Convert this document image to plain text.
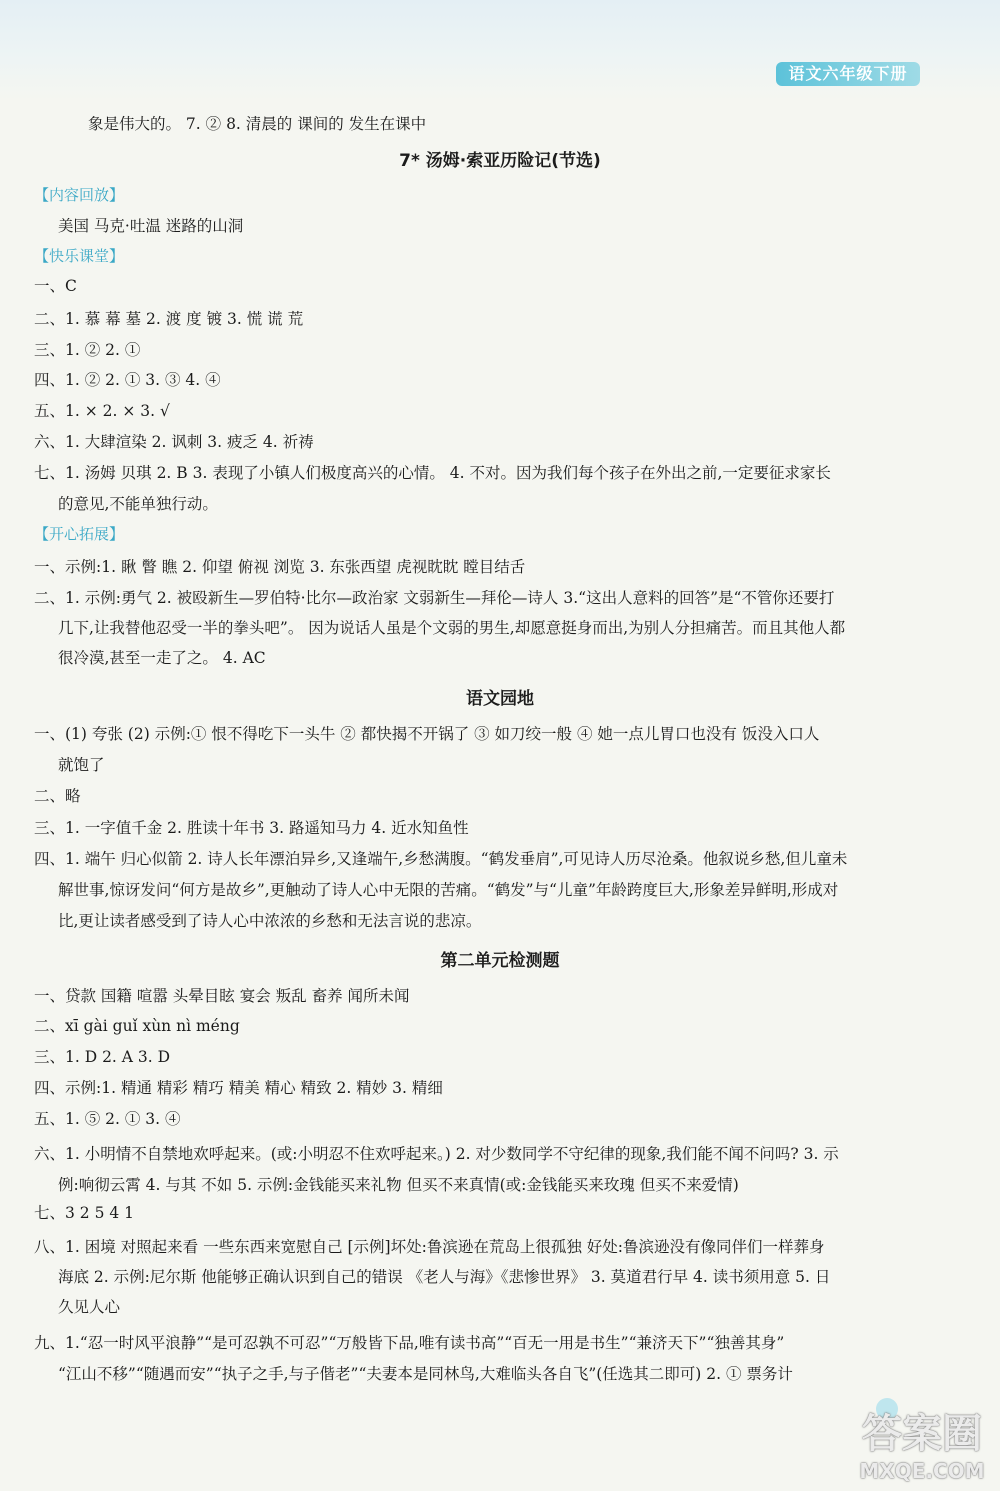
语文六年级下册
象是伟大的。 7. ② 8. 清晨的 课间的 发生在课中
7* 汤姆·索亚历险记(节选)
【内容回放】
美国 马克·吐温 迷路的山洞
【快乐课堂】
一、C
二、1. 慕 幕 墓 2. 渡 度 镀 3. 慌 谎 荒
三、1. ② 2. ①
四、1. ② 2. ① 3. ③ 4. ④
五、1. × 2. × 3. √
六、1. 大肆渲染 2. 讽刺 3. 疲乏 4. 祈祷
七、1. 汤姆 贝琪 2. B 3. 表现了小镇人们极度高兴的心情。 4. 不对。因为我们每个孩子在外出之前,一定要征求家长
的意见,不能单独行动。
【开心拓展】
一、示例:1. 瞅 瞥 瞧 2. 仰望 俯视 浏览 3. 东张西望 虎视眈眈 瞠目结舌
二、1. 示例:勇气 2. 被殴新生—罗伯特·比尔—政治家 文弱新生—拜伦—诗人 3.“这出人意料的回答”是“不管你还要打
几下,让我替他忍受一半的拳头吧”。 因为说话人虽是个文弱的男生,却愿意挺身而出,为别人分担痛苦。而且其他人都
很冷漠,甚至一走了之。 4. AC
语文园地
一、(1) 夸张 (2) 示例:① 恨不得吃下一头牛 ② 都快揭不开锅了 ③ 如刀绞一般 ④ 她一点儿胃口也没有 饭没入口人
就饱了
二、略
三、1. 一字值千金 2. 胜读十年书 3. 路遥知马力 4. 近水知鱼性
四、1. 端午 归心似箭 2. 诗人长年漂泊异乡,又逢端午,乡愁满腹。“鹤发垂肩”,可见诗人历尽沧桑。他叙说乡愁,但儿童未
解世事,惊讶发问“何方是故乡”,更触动了诗人心中无限的苦痛。“鹤发”与“儿童”年龄跨度巨大,形象差异鲜明,形成对
比,更让读者感受到了诗人心中浓浓的乡愁和无法言说的悲凉。
第二单元检测题
一、贷款 国籍 喧嚣 头晕目眩 宴会 叛乱 畜养 闻所未闻
二、xī gài guǐ xùn nì méng
三、1. D 2. A 3. D
四、示例:1. 精通 精彩 精巧 精美 精心 精致 2. 精妙 3. 精细
五、1. ⑤ 2. ① 3. ④
六、1. 小明情不自禁地欢呼起来。(或:小明忍不住欢呼起来。) 2. 对少数同学不守纪律的现象,我们能不闻不问吗? 3. 示
例:响彻云霄 4. 与其 不如 5. 示例:金钱能买来礼物 但买不来真情(或:金钱能买来玫瑰 但买不来爱情)
七、3 2 5 4 1
八、1. 困境 对照起来看 一些东西来宽慰自己 [示例]坏处:鲁滨逊在荒岛上很孤独 好处:鲁滨逊没有像同伴们一样葬身
海底 2. 示例:尼尔斯 他能够正确认识到自己的错误 《老人与海》《悲惨世界》 3. 莫道君行早 4. 读书须用意 5. 日
久见人心
九、1.“忍一时风平浪静”“是可忍孰不可忍”“万般皆下品,唯有读书高”“百无一用是书生”“兼济天下”“独善其身”
“江山不移”“随遇而安”“执子之手,与子偕老”“夫妻本是同林鸟,大难临头各自飞”(任选其二即可) 2. ① 票务计
答案圈
MXQE.COM
